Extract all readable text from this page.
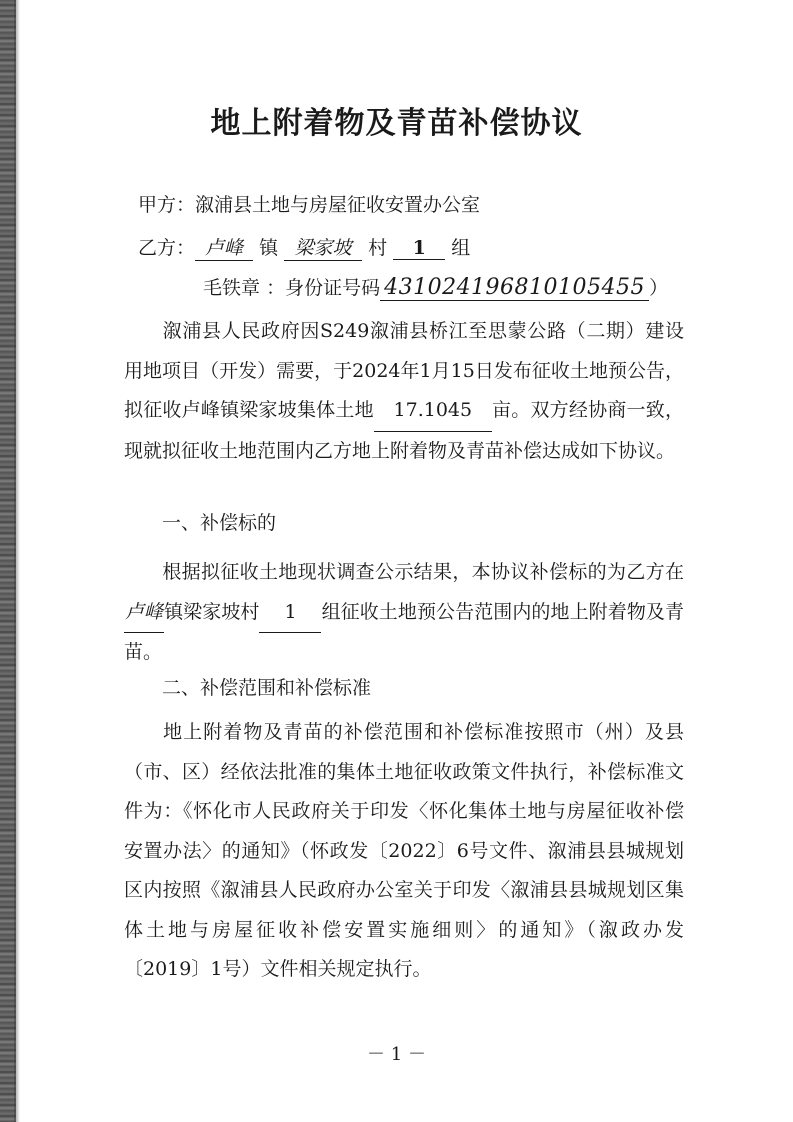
地上附着物及青苗补偿协议
甲方：溆浦县土地与房屋征收安置办公室
乙方： 卢峰 镇 梁家坡 村 1 组
毛铁章 ：身份证号码 431024196810105455 ）
溆浦县人民政府因S249溆浦县桥江至思蒙公路（二期）建设用地项目（开发）需要，于2024年1月15日发布征收土地预公告，拟征收卢峰镇梁家坡集体土地 17.1045 亩。双方经协商一致，现就拟征收土地范围内乙方地上附着物及青苗补偿达成如下协议。
一、补偿标的
根据拟征收土地现状调查公示结果，本协议补偿标的为乙方在卢峰镇梁家坡村 1 组征收土地预公告范围内的地上附着物及青苗。
二、补偿范围和补偿标准
地上附着物及青苗的补偿范围和补偿标准按照市（州）及县（市、区）经依法批准的集体土地征收政策文件执行，补偿标准文件为：《怀化市人民政府关于印发〈怀化集体土地与房屋征收补偿安置办法〉的通知》（怀政发〔2022〕6号文件、溆浦县县城规划区内按照《溆浦县人民政府办公室关于印发〈溆浦县县城规划区集体土地与房屋征收补偿安置实施细则〉的通知》（溆政办发〔2019〕1号）文件相关规定执行。
－ 1 －
